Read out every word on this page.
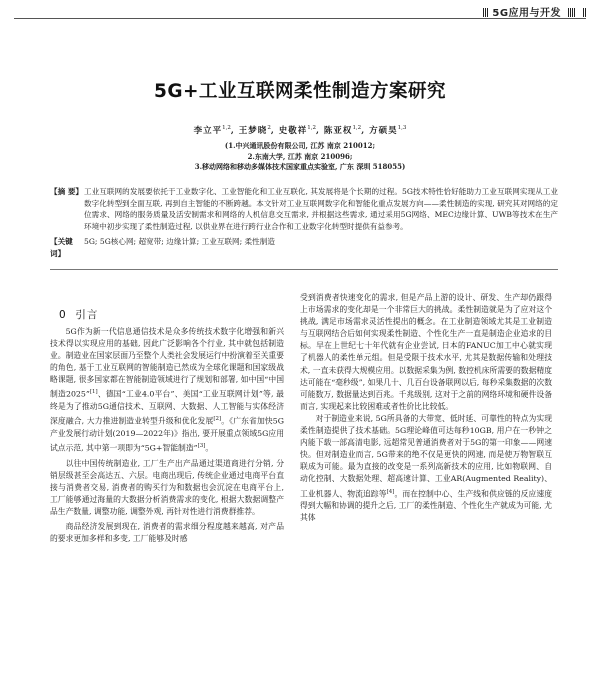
5G应用与开发
5G+工业互联网柔性制造方案研究
李立平$^{1,2}$, 王梦晓$^2$, 史敬祥$^{1,2}$, 陈亚权$^{1,2}$, 方硕昊$^{1,3}$
(1.中兴通讯股份有限公司, 江苏 南京 210012;
2.东南大学, 江苏 南京 210096;
3.移动网络和移动多媒体技术国家重点实验室, 广东 深圳 518055)
【摘 要】 工业互联网的发展要依托于工业数字化、工业智能化和工业互联化, 其发展将是个长期的过程。5G技术特性恰好能助力工业互联网实现从工业数字化转型到全面互联, 再到自主智能的不断跨越。本文针对工业互联网数字化和智能化重点发展方向——柔性制造的实现, 研究其对网络的定位需求、网络的服务质量及活安制需求和网络的人机信息交互需求, 并根据这些需求, 通过采用5G网络、MEC边缘计算、UWB等技术在生产环境中初步实现了柔性制造过程, 以供业界在进行跨行业合作和工业数字化转型时提供有益参考。
【关键词】
5G; 5G核心网; 超宽带; 边缘计算; 工业互联网; 柔性制造
0 引言

5G作为新一代信息通信技术是众多传统技术数字化增强和新兴技术得以实现应用的基础, 因此广泛影响各个行业, 其中就包括制造业。制造业在国家层面乃至整个人类社会发展运行中扮演着至关重要的角色, 基于工业互联网的智能制造已然成为全球化课题和国家级战略课题, 很多国家都在智能制造领域进行了规划和部署, 如中国“中国制造2025”[1]、德国“工业4.0平台”、美国“工业互联网计划”等, 最终是为了推动5G通信技术、互联网、大数据、人工智能与实体经济深度融合, 大力推进制造业转型升级和优化发展[2]。《广东省加快5G产业发展行动计划(2019—2022年)》指出, 要开展重点领域5G应用试点示范, 其中第一项即为“5G+智能制造”[3]。

以往中国传统制造业, 工厂生产出产品通过渠道商进行分销, 分销层级甚至会高达五、六层。电商出现后, 传统企业通过电商平台直接与消费者交易, 消费者的购买行为和数据也会沉淀在电商平台上, 工厂能够通过海量的大数据分析消费需求的变化, 根据大数据调整产品生产数量, 调整功能, 调整外观, 再针对性进行消费群推荐。

商品经济发展到现在, 消费者的需求细分程度越来越高, 对产品的要求更加多样和多变, 工厂能够及时感

受到消费者快速变化的需求, 但是产品上游的设计、研发、生产却仍跟得上市场需求的变化却是一个非常巨大的挑战。柔性制造就是为了应对这个挑战, 满足市场需求灵活性提出的概念。在工业制造领域尤其是工业制造与互联网结合后如何实现柔性制造、个性化生产一直是制造企业追求的目标。早在上世纪七十年代就有企业尝试, 日本的FANUC加工中心就实现了机器人的柔性单元组。但是受限于技术水平, 尤其是数据传输和处理技术, 一直未获得大规模应用。以数据采集为例, 数控机床所需要的数据精度达可能在“毫秒级”, 如果几十、几百台设备联网以后, 每秒采集数据的次数可能数万, 数据量达到百兆。千兆级别, 这对于之前的网络环境和硬件设备而言, 实现起来比较困难或者性价比比较低。

对于制造业来说, 5G所具备的大带宽、低时延、可靠性的特点为实现柔性制造提供了技术基础。5G理论峰值可达每秒10GB, 用户在一秒钟之内能下载一部高清电影, 远超常见普通消费者对于5G的第一印象——网速快。但对制造业而言, 5G带来的绝不仅是更快的网速, 而是使万物智联互联成为可能。最为直接的改变是一系列高新技术的应用, 比如物联网、自动化控制、大数据处理、超高速计算、工业AR(Augmented Reality)、工业机器人、物流追踪等[4]。而在控制中心、生产线和供应链的反应速度得到大幅和协调的提升之后, 工厂的柔性制造、个性化生产就成为可能, 尤其体
